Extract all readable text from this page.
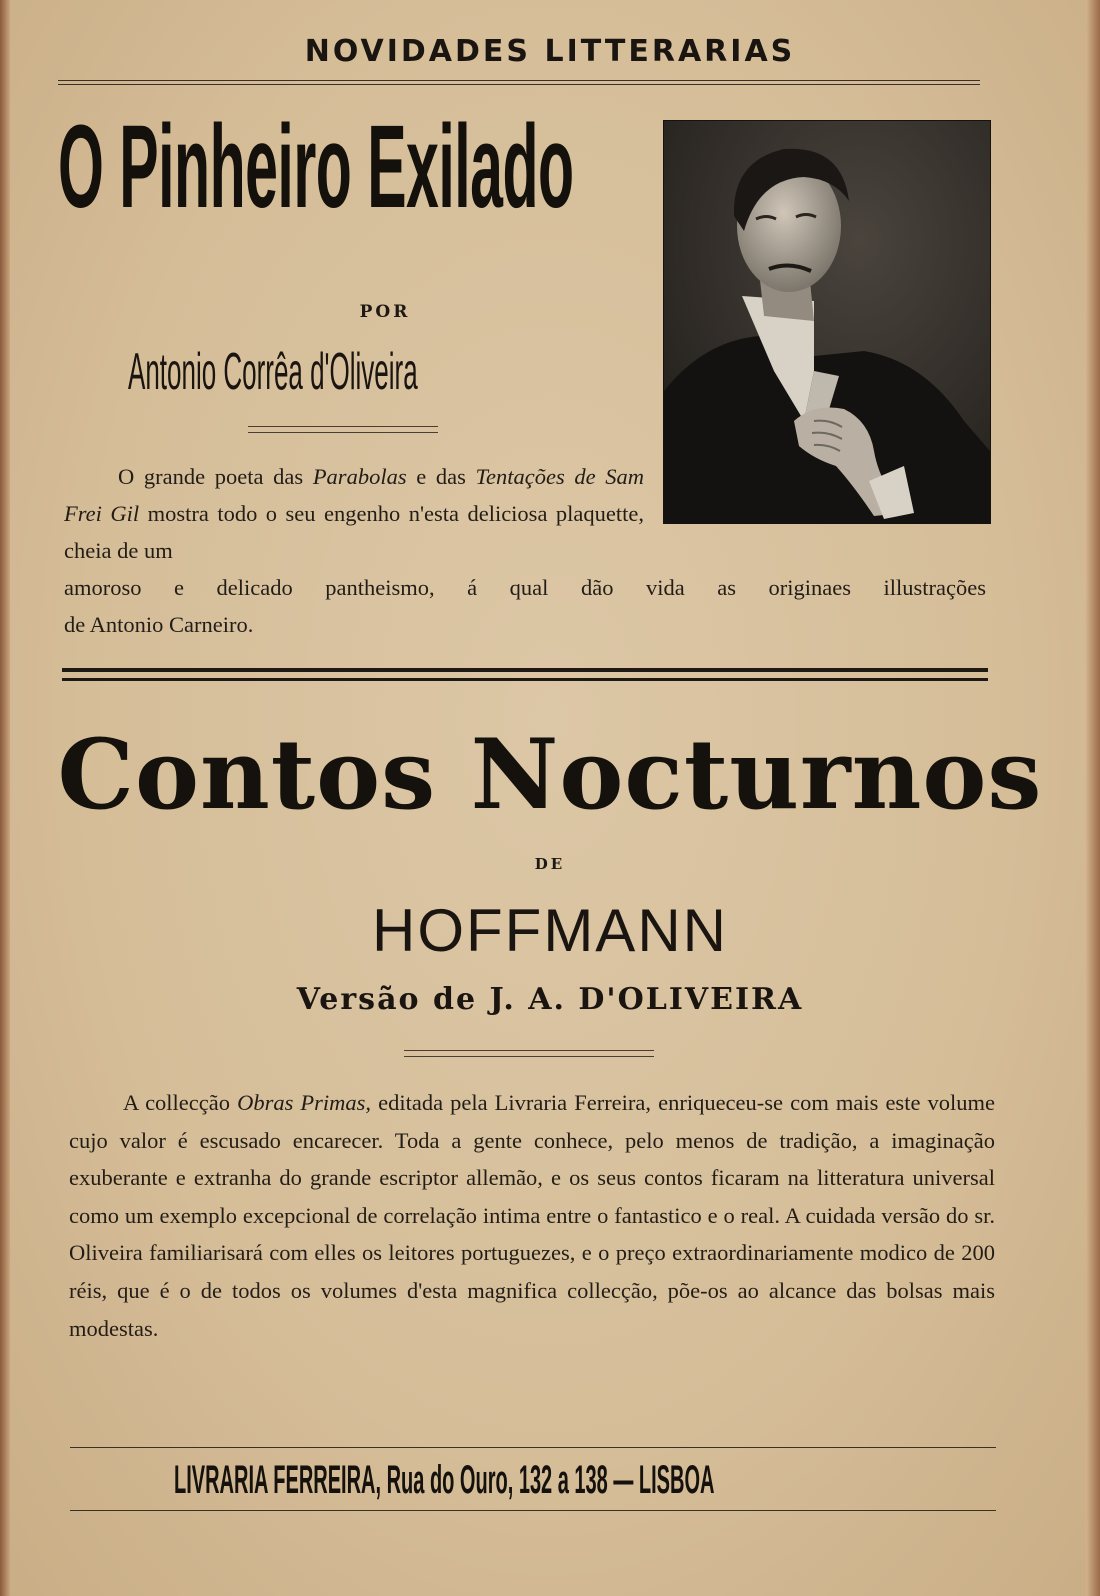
NOVIDADES LITTERARIAS
O Pinheiro Exilado
POR
Antonio Corrêa d'Oliveira
O grande poeta das Parabolas e das Tentações de Sam Frei Gil mostra todo o seu engenho n'esta deliciosa plaquette, cheia de um
amoroso e delicado pantheismo, á qual dão vida as originaes illustrações
de Antonio Carneiro.
Contos Nocturnos
DE
HOFFMANN
Versão de J. A. D'OLIVEIRA
A collecção Obras Primas, editada pela Livraria Ferreira, enriqueceu-se com mais este volume cujo valor é escusado encarecer. Toda a gente conhece, pelo menos de tradição, a imaginação exuberante e extranha do grande escriptor allemão, e os seus contos ficaram na litteratura universal como um exemplo excepcional de correlação intima entre o fantastico e o real. A cuidada versão do sr. Oliveira familiarisará com elles os leitores portuguezes, e o preço extraordinariamente modico de 200 réis, que é o de todos os volumes d'esta magnifica collecção, põe-os ao alcance das bolsas mais modestas.
LIVRARIA FERREIRA, Rua do Ouro, 132 a 138 — LISBOA
